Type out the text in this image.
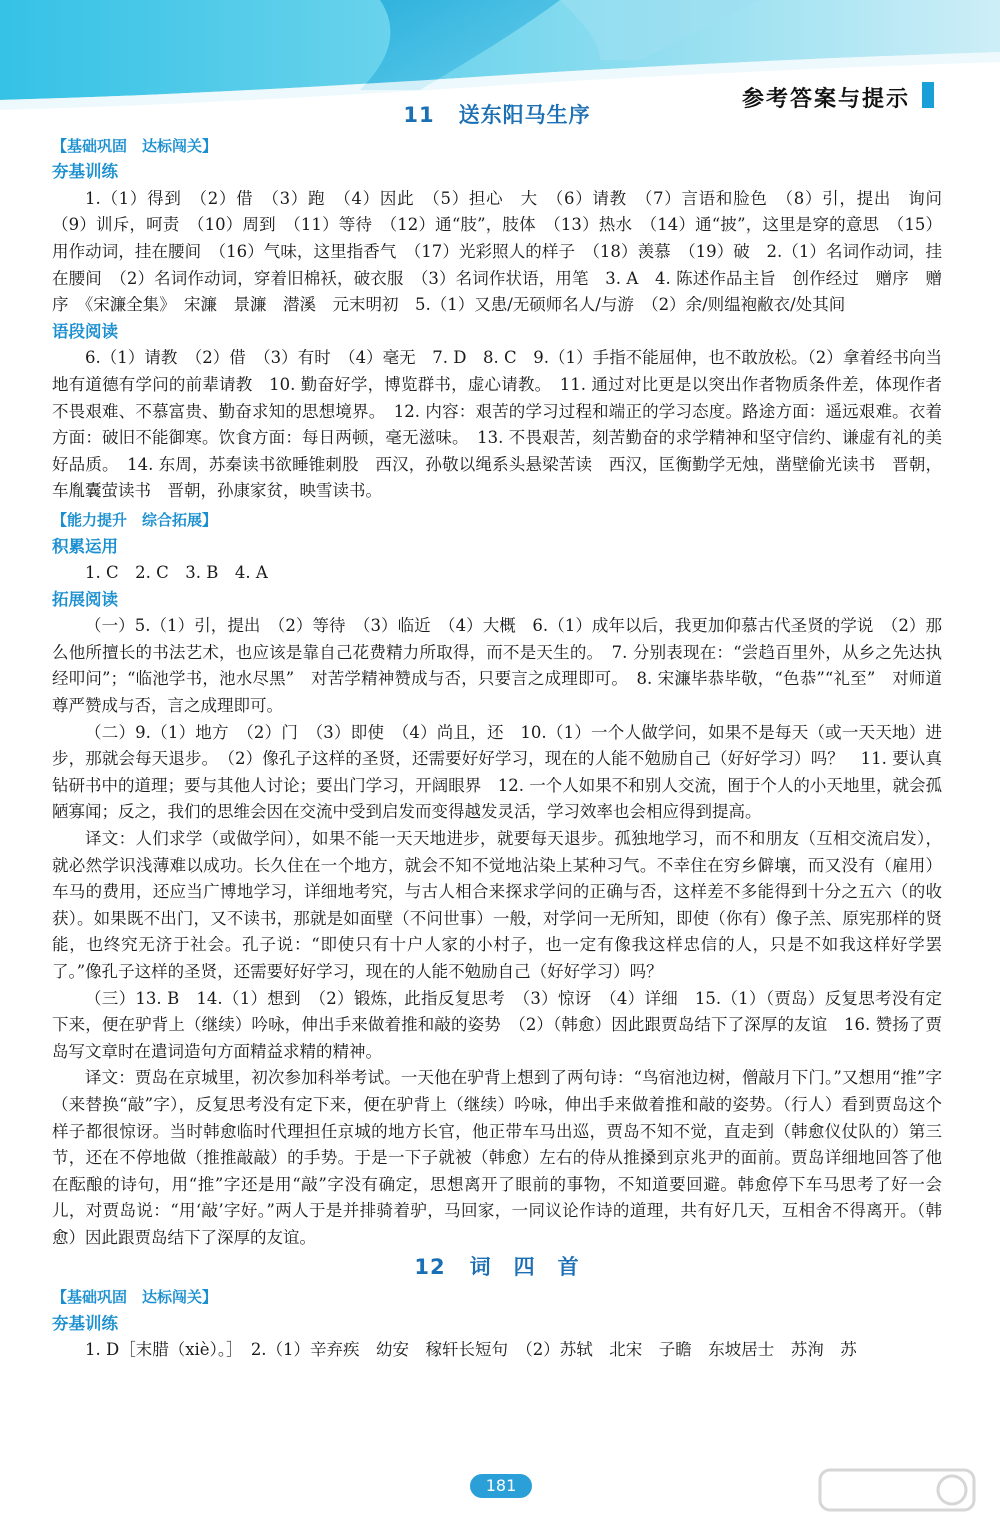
参考答案与提示
11 送东阳马生序
【基础巩固　达标闯关】
夯基训练

1.（1）得到　（2）借　（3）跑　（4）因此　（5）担心　大　（6）请教　（7）言语和脸色　（8）引，提出　询问　（9）训斥，呵责　（10）周到　（11）等待　（12）通“肢”，肢体　（13）热水　（14）通“披”，这里是穿的意思　（15）用作动词，挂在腰间　（16）气味，这里指香气　（17）光彩照人的样子　（18）羡慕　（19）破　2.（1）名词作动词，挂在腰间　（2）名词作动词，穿着旧棉袄，破衣服　（3）名词作状语，用笔　3. A　4. 陈述作品主旨　创作经过　赠序　赠序　《宋濂全集》　宋濂　景濂　潜溪　元末明初　5.（1）又患/无硕师名人/与游　（2）余/则缊袍敝衣/处其间

语段阅读

6.（1）请教　（2）借　（3）有时　（4）毫无　7. D　8. C　9.（1）手指不能屈伸，也不敢放松。（2）拿着经书向当地有道德有学问的前辈请教　10. 勤奋好学，博览群书，虚心请教。　11. 通过对比更是以突出作者物质条件差，体现作者不畏艰难、不慕富贵、勤奋求知的思想境界。　12. 内容：艰苦的学习过程和端正的学习态度。路途方面：遥远艰难。衣着方面：破旧不能御寒。饮食方面：每日两顿，毫无滋味。　13. 不畏艰苦，刻苦勤奋的求学精神和坚守信约、谦虚有礼的美好品质。　14. 东周，苏秦读书欲睡锥刺股　西汉，孙敬以绳系头悬梁苦读　西汉，匡衡勤学无烛，凿壁偷光读书　晋朝，车胤囊萤读书　晋朝，孙康家贫，映雪读书。

【能力提升　综合拓展】
积累运用

1. C　2. C　3. B　4. A

拓展阅读

（一）5.（1）引，提出　（2）等待　（3）临近　（4）大概　6.（1）成年以后，我更加仰慕古代圣贤的学说　（2）那么他所擅长的书法艺术，也应该是靠自己花费精力所取得，而不是天生的。　7. 分别表现在：“尝趋百里外，从乡之先达执经叩问”；“临池学书，池水尽黑”　对苦学精神赞成与否，只要言之成理即可。　8. 宋濂毕恭毕敬，“色恭”“礼至”　对师道尊严赞成与否，言之成理即可。

（二）9.（1）地方　（2）门　（3）即使　（4）尚且，还　10.（1）一个人做学问，如果不是每天（或一天天地）进步，那就会每天退步。　（2）像孔子这样的圣贤，还需要好好学习，现在的人能不勉励自己（好好学习）吗？　11. 要认真钻研书中的道理；要与其他人讨论；要出门学习，开阔眼界　12. 一个人如果不和别人交流，囿于个人的小天地里，就会孤陋寡闻；反之，我们的思维会因在交流中受到启发而变得越发灵活，学习效率也会相应得到提高。

译文：人们求学（或做学问），如果不能一天天地进步，就要每天退步。孤独地学习，而不和朋友（互相交流启发），就必然学识浅薄难以成功。长久住在一个地方，就会不知不觉地沾染上某种习气。不幸住在穷乡僻壤，而又没有（雇用）车马的费用，还应当广博地学习，详细地考究，与古人相合来探求学问的正确与否，这样差不多能得到十分之五六（的收获）。如果既不出门，又不读书，那就是如面壁（不问世事）一般，对学问一无所知，即使（你有）像子羔、原宪那样的贤能，也终究无济于社会。孔子说：“即使只有十户人家的小村子，也一定有像我这样忠信的人，只是不如我这样好学罢了。”像孔子这样的圣贤，还需要好好学习，现在的人能不勉励自己（好好学习）吗？

（三）13. B　14.（1）想到　（2）锻炼，此指反复思考　（3）惊讶　（4）详细　15.（1）（贾岛）反复思考没有定下来，便在驴背上（继续）吟咏，伸出手来做着推和敲的姿势　（2）（韩愈）因此跟贾岛结下了深厚的友谊　16. 赞扬了贾岛写文章时在遣词造句方面精益求精的精神。

译文：贾岛在京城里，初次参加科举考试。一天他在驴背上想到了两句诗：“鸟宿池边树，僧敲月下门。”又想用“推”字（来替换“敲”字），反复思考没有定下来，便在驴背上（继续）吟咏，伸出手来做着推和敲的姿势。（行人）看到贾岛这个样子都很惊讶。当时韩愈临时代理担任京城的地方长官，他正带车马出巡，贾岛不知不觉，直走到（韩愈仪仗队的）第三节，还在不停地做（推推敲敲）的手势。于是一下子就被（韩愈）左右的侍从推搡到京兆尹的面前。贾岛详细地回答了他在酝酿的诗句，用“推”字还是用“敲”字没有确定，思想离开了眼前的事物，不知道要回避。韩愈停下车马思考了好一会儿，对贾岛说：“用‘敲’字好。”两人于是并排骑着驴，马回家，一同议论作诗的道理，共有好几天，互相舍不得离开。（韩愈）因此跟贾岛结下了深厚的友谊。

12 词　四　首
【基础巩固　达标闯关】
夯基训练

1. D［末腊（xiè）。］　2.（1）辛弃疾　幼安　稼轩长短句　（2）苏轼　北宋　子瞻　东坡居士　苏洵　苏

181
